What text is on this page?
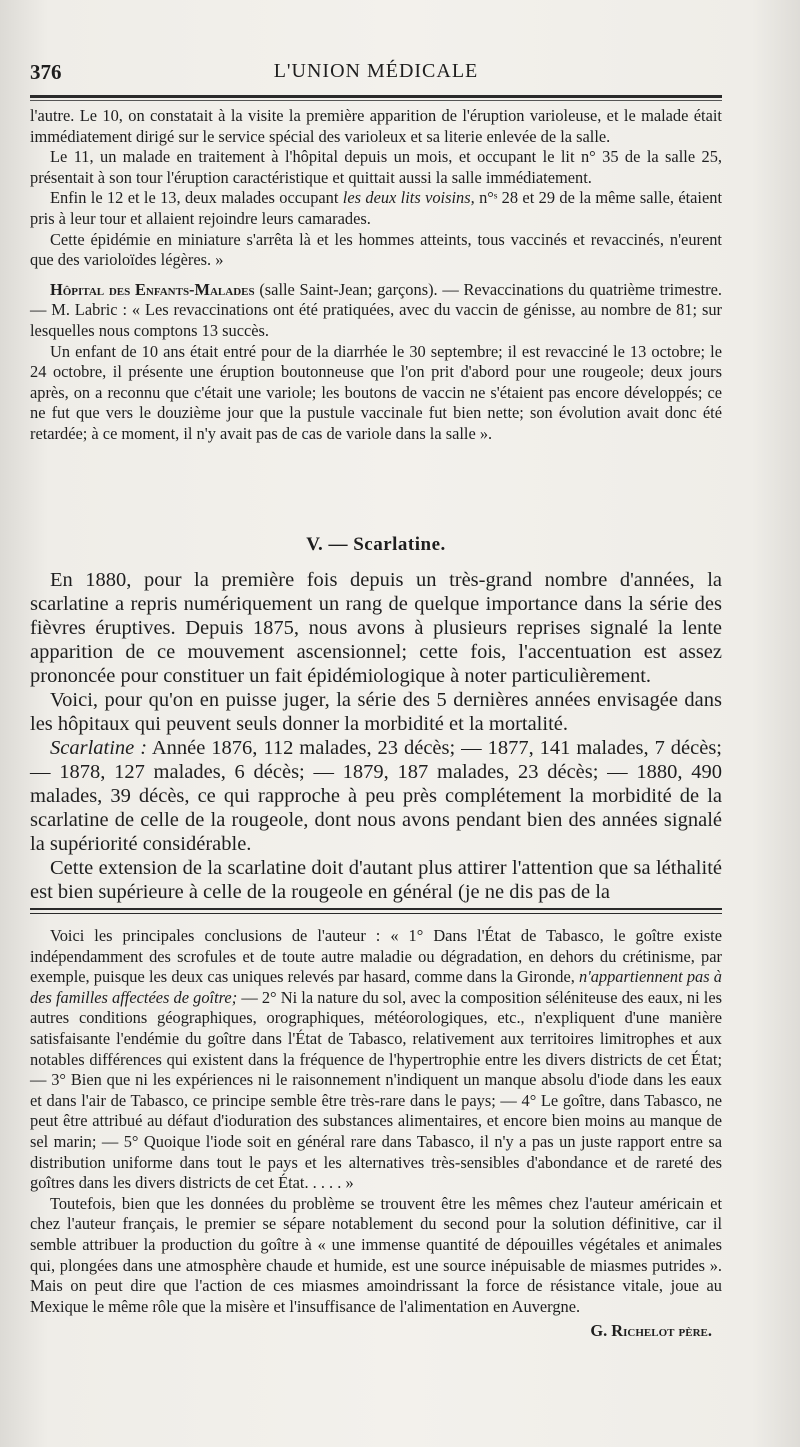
376	L'UNION MÉDICALE

l'autre. Le 10, on constatait à la visite la première apparition de l'éruption varioleuse, et le malade était immédiatement dirigé sur le service spécial des varioleux et sa literie enlevée de la salle.

Le 11, un malade en traitement à l'hôpital depuis un mois, et occupant le lit n° 35 de la salle 25, présentait à son tour l'éruption caractéristique et quittait aussi la salle immédiatement.

Enfin le 12 et le 13, deux malades occupant les deux lits voisins, n°ˢ 28 et 29 de la même salle, étaient pris à leur tour et allaient rejoindre leurs camarades.

Cette épidémie en miniature s'arrêta là et les hommes atteints, tous vaccinés et revaccinés, n'eurent que des varioloïdes légères. »

Hôpital des Enfants-Malades (salle Saint-Jean; garçons). — Revaccinations du quatrième trimestre. — M. Labric : « Les revaccinations ont été pratiquées, avec du vaccin de génisse, au nombre de 81; sur lesquelles nous comptons 13 succès.

Un enfant de 10 ans était entré pour de la diarrhée le 30 septembre; il est revacciné le 13 octobre; le 24 octobre, il présente une éruption boutonneuse que l'on prit d'abord pour une rougeole; deux jours après, on a reconnu que c'était une variole; les boutons de vaccin ne s'étaient pas encore développés; ce ne fut que vers le douzième jour que la pustule vaccinale fut bien nette; son évolution avait donc été retardée; à ce moment, il n'y avait pas de cas de variole dans la salle ».

V. — Scarlatine.

En 1880, pour la première fois depuis un très-grand nombre d'années, la scarlatine a repris numériquement un rang de quelque importance dans la série des fièvres éruptives. Depuis 1875, nous avons à plusieurs reprises signalé la lente apparition de ce mouvement ascensionnel; cette fois, l'accentuation est assez prononcée pour constituer un fait épidémiologique à noter particulièrement.

Voici, pour qu'on en puisse juger, la série des 5 dernières années envisagée dans les hôpitaux qui peuvent seuls donner la morbidité et la mortalité.

Scarlatine : Année 1876, 112 malades, 23 décès; — 1877, 141 malades, 7 décès; — 1878, 127 malades, 6 décès; — 1879, 187 malades, 23 décès; — 1880, 490 malades, 39 décès, ce qui rapproche à peu près complétement la morbidité de la scarlatine de celle de la rougeole, dont nous avons pendant bien des années signalé la supériorité considérable.

Cette extension de la scarlatine doit d'autant plus attirer l'attention que sa léthalité est bien supérieure à celle de la rougeole en général (je ne dis pas de la

Voici les principales conclusions de l'auteur : « 1° Dans l'État de Tabasco, le goître existe indépendamment des scrofules et de toute autre maladie ou dégradation, en dehors du crétinisme, par exemple, puisque les deux cas uniques relevés par hasard, comme dans la Gironde, n'appartiennent pas à des familles affectées de goître; — 2° Ni la nature du sol, avec la composition séléniteuse des eaux, ni les autres conditions géographiques, orographiques, météorologiques, etc., n'expliquent d'une manière satisfaisante l'endémie du goître dans l'État de Tabasco, relativement aux territoires limitrophes et aux notables différences qui existent dans la fréquence de l'hypertrophie entre les divers districts de cet État; — 3° Bien que ni les expériences ni le raisonnement n'indiquent un manque absolu d'iode dans les eaux et dans l'air de Tabasco, ce principe semble être très-rare dans le pays; — 4° Le goître, dans Tabasco, ne peut être attribué au défaut d'ioduration des substances alimentaires, et encore bien moins au manque de sel marin; — 5° Quoique l'iode soit en général rare dans Tabasco, il n'y a pas un juste rapport entre sa distribution uniforme dans tout le pays et les alternatives très-sensibles d'abondance et de rareté des goîtres dans les divers districts de cet État. . . . . »

Toutefois, bien que les données du problème se trouvent être les mêmes chez l'auteur américain et chez l'auteur français, le premier se sépare notablement du second pour la solution définitive, car il semble attribuer la production du goître à « une immense quantité de dépouilles végétales et animales qui, plongées dans une atmosphère chaude et humide, est une source inépuisable de miasmes putrides ». Mais on peut dire que l'action de ces miasmes amoindrissant la force de résistance vitale, joue au Mexique le même rôle que la misère et l'insuffisance de l'alimentation en Auvergne.

G. Richelot père.
